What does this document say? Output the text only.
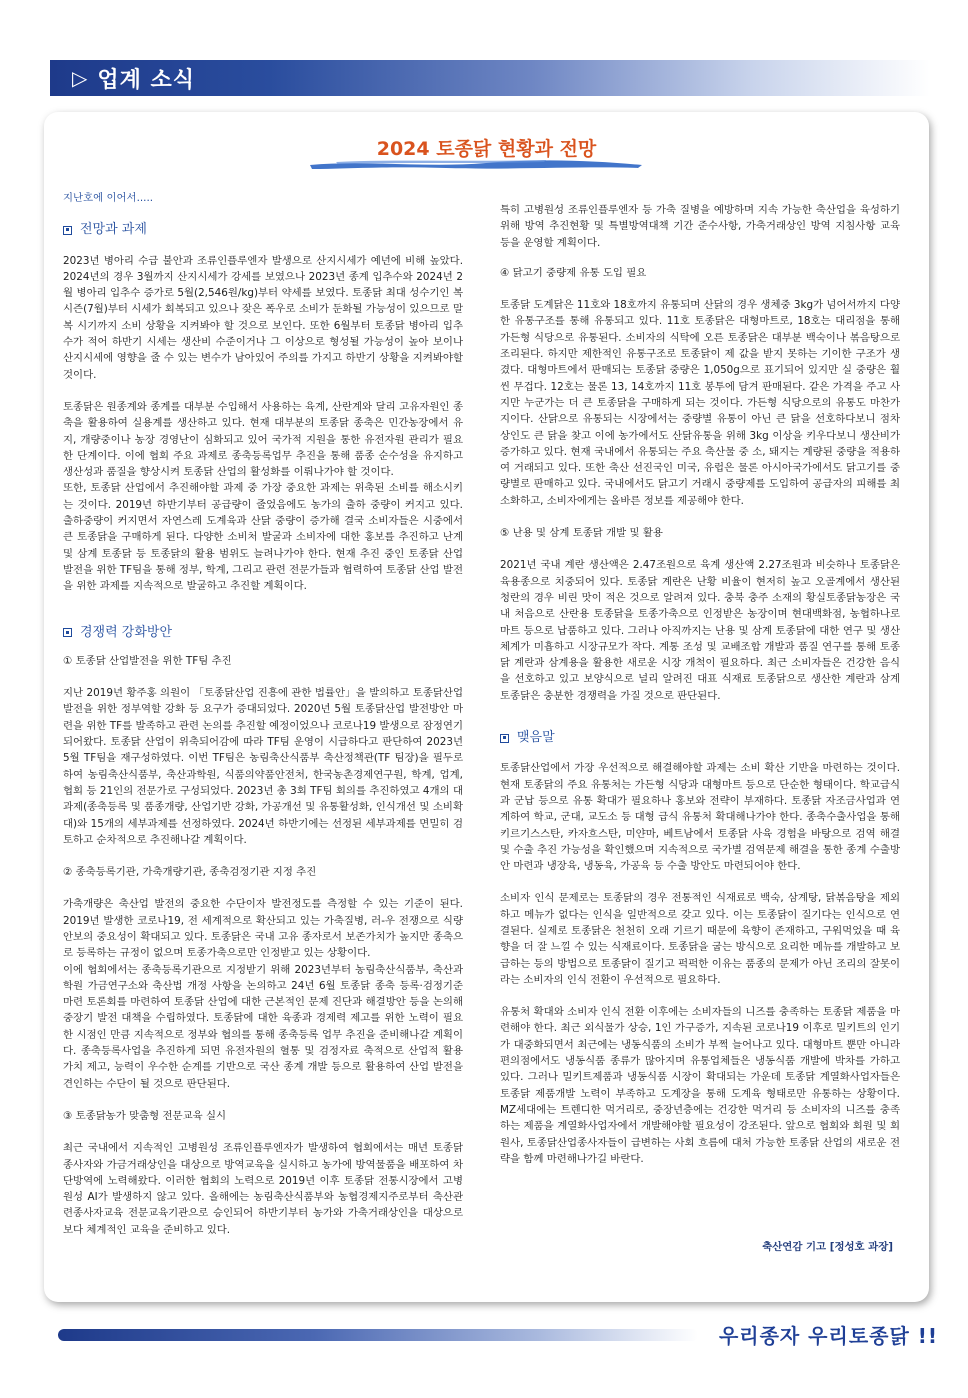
▷ 업계 소식
2024 토종닭 현황과 전망

지난호에 이어서.....

전망과 과제

2023년 병아리 수급 불안과 조류인플루엔자 발생으로 산지시세가 예년에 비해 높았다. 2024년의 경우 3월까지 산지시세가 강세를 보였으나 2023년 종계 입추수와 2024년 2월 병아리 입추수 증가로 5월(2,546원/kg)부터 약세를 보였다. 토종닭 최대 성수기인 복시즌(7월)부터 시세가 회복되고 있으나 잦은 폭우로 소비가 둔화될 가능성이 있으므로 말복 시기까지 소비 상황을 지켜봐야 할 것으로 보인다. 또한 6월부터 토종닭 병아리 입추수가 적어 하반기 시세는 생산비 수준이거나 그 이상으로 형성될 가능성이 높아 보이나 산지시세에 영향을 줄 수 있는 변수가 남아있어 주의를 가지고 하반기 상황을 지켜봐야할 것이다.

토종닭은 원종계와 종계를 대부분 수입해서 사용하는 육계, 산란계와 달리 고유자원인 종축을 활용하여 실용계를 생산하고 있다. 현재 대부분의 토종닭 종축은 민간농장에서 유지, 개량중이나 농장 경영난이 심화되고 있어 국가적 지원을 통한 유전자원 관리가 필요한 단계이다. 이에 협회 주요 과제로 종축등록업무 추진을 통해 품종 순수성을 유지하고 생산성과 품질을 향상시켜 토종닭 산업의 활성화를 이뤄나가야 할 것이다.

또한, 토종닭 산업에서 추진해야할 과제 중 가장 중요한 과제는 위축된 소비를 해소시키는 것이다. 2019년 하반기부터 공급량이 줄었음에도 농가의 출하 중량이 커지고 있다. 출하중량이 커지면서 자연스레 도계육과 산닭 중량이 증가해 결국 소비자들은 시중에서 큰 토종닭을 구매하게 된다. 다양한 소비처 발굴과 소비자에 대한 홍보를 추진하고 난계 및 삼계 토종닭 등 토종닭의 활용 범위도 늘려나가야 한다. 현재 추진 중인 토종닭 산업 발전을 위한 TF팀을 통해 정부, 학계, 그리고 관련 전문가들과 협력하여 토종닭 산업 발전을 위한 과제를 지속적으로 발굴하고 추진할 계획이다.

경쟁력 강화방안

① 토종닭 산업발전을 위한 TF팀 추진

지난 2019년 황주홍 의원이 「토종닭산업 진흥에 관한 법률안」을 발의하고 토종닭산업 발전을 위한 정부역할 강화 등 요구가 증대되었다. 2020년 5월 토종닭산업 발전방안 마련을 위한 TF를 발족하고 관련 논의를 추진할 예정이었으나 코로나19 발생으로 잠정연기되어왔다. 토종닭 산업이 위축되어감에 따라 TF팀 운영이 시급하다고 판단하여 2023년 5월 TF팀을 재구성하였다. 이번 TF팀은 농림축산식품부 축산정책관(TF 팀장)을 필두로 하여 농림축산식품부, 축산과학원, 식품의약품안전처, 한국농촌경제연구원, 학계, 업계, 협회 등 21인의 전문가로 구성되었다. 2023년 총 3회 TF팀 회의를 추진하였고 4개의 대과제(종축등록 및 품종개량, 산업기반 강화, 가공개선 및 유통활성화, 인식개선 및 소비확대)와 15개의 세부과제를 선정하였다. 2024년 하반기에는 선정된 세부과제를 면밀히 검토하고 순차적으로 추진해나갈 계획이다.

② 종축등록기관, 가축개량기관, 종축검정기관 지정 추진

가축개량은 축산업 발전의 중요한 수단이자 발전정도를 측정할 수 있는 기준이 된다. 2019년 발생한 코로나19, 전 세계적으로 확산되고 있는 가축질병, 러-우 전쟁으로 식량안보의 중요성이 확대되고 있다. 토종닭은 국내 고유 종자로서 보존가치가 높지만 종축으로 등록하는 규정이 없으며 토종가축으로만 인정받고 있는 상황이다.

이에 협회에서는 종축등록기관으로 지정받기 위해 2023년부터 농림축산식품부, 축산과학원 가금연구소와 축산법 개정 사항을 논의하고 24년 6월 토종닭 종축 등록·검정기준 마련 토론회를 마련하여 토종닭 산업에 대한 근본적인 문제 진단과 해결방안 등을 논의해 중장기 발전 대책을 수립하였다. 토종닭에 대한 육종과 경제력 제고를 위한 노력이 필요한 시점인 만큼 지속적으로 정부와 협의를 통해 종축등록 업무 추진을 준비해나갈 계획이다. 종축등록사업을 추진하게 되면 유전자원의 혈통 및 검정자료 축적으로 산업적 활용 가치 제고, 능력이 우수한 순계를 기반으로 국산 종계 개발 등으로 활용하여 산업 발전을 견인하는 수단이 될 것으로 판단된다.

③ 토종닭농가 맞춤형 전문교육 실시

최근 국내에서 지속적인 고병원성 조류인플루엔자가 발생하여 협회에서는 매년 토종닭 종사자와 가금거래상인을 대상으로 방역교육을 실시하고 농가에 방역물품을 배포하여 차단방역에 노력해왔다. 이러한 협회의 노력으로 2019년 이후 토종닭 전통시장에서 고병원성 AI가 발생하지 않고 있다. 올해에는 농림축산식품부와 농협경제지주로부터 축산관련종사자교육 전문교육기관으로 승인되어 하반기부터 농가와 가축거래상인을 대상으로 보다 체계적인 교육을 준비하고 있다.

특히 고병원성 조류인플루엔자 등 가축 질병을 예방하며 지속 가능한 축산업을 육성하기 위해 방역 추진현황 및 특별방역대책 기간 준수사항, 가축거래상인 방역 지침사항 교육 등을 운영할 계획이다.

④ 닭고기 중량제 유통 도입 필요

토종닭 도계닭은 11호와 18호까지 유통되며 산닭의 경우 생체중 3kg가 넘어서까지 다양한 유통구조를 통해 유통되고 있다. 11호 토종닭은 대형마트로, 18호는 대리점을 통해 가든형 식당으로 유통된다. 소비자의 식탁에 오른 토종닭은 대부분 백숙이나 볶음탕으로 조리된다. 하지만 제한적인 유통구조로 토종닭이 제 값을 받지 못하는 기이한 구조가 생겼다. 대형마트에서 판매되는 토종닭 중량은 1,050g으로 표기되어 있지만 실 중량은 훨씬 무겁다. 12호는 물론 13, 14호까지 11호 봉투에 담겨 판매된다. 같은 가격을 주고 사지만 누군가는 더 큰 토종닭을 구매하게 되는 것이다. 가든형 식당으로의 유통도 마찬가지이다. 산닭으로 유통되는 시장에서는 중량별 유통이 아닌 큰 닭을 선호하다보니 점차 상인도 큰 닭을 찾고 이에 농가에서도 산닭유통을 위해 3kg 이상을 키우다보니 생산비가 증가하고 있다. 현재 국내에서 유통되는 주요 축산물 중 소, 돼지는 계량된 중량을 적용하여 거래되고 있다. 또한 축산 선진국인 미국, 유럽은 물론 아시아국가에서도 닭고기를 중량별로 판매하고 있다. 국내에서도 닭고기 거래시 중량제를 도입하여 공급자의 피해를 최소화하고, 소비자에게는 올바른 정보를 제공해야 한다.

⑤ 난용 및 삼계 토종닭 개발 및 활용

2021년 국내 계란 생산액은 2.47조원으로 육계 생산액 2.27조원과 비슷하나 토종닭은 육용종으로 치중되어 있다. 토종닭 계란은 난황 비율이 현저히 높고 오골계에서 생산된 청란의 경우 비린 맛이 적은 것으로 알려져 있다. 충북 충주 소재의 황실토종닭농장은 국내 처음으로 산란용 토종닭을 토종가축으로 인정받은 농장이며 현대백화점, 농협하나로마트 등으로 납품하고 있다. 그러나 아직까지는 난용 및 삼계 토종닭에 대한 연구 및 생산체계가 미흡하고 시장규모가 작다. 계통 조성 및 교배조합 개발과 품질 연구를 통해 토종닭 계란과 삼계용을 활용한 새로운 시장 개척이 필요하다. 최근 소비자들은 건강한 음식을 선호하고 있고 보양식으로 널리 알려진 대표 식재료 토종닭으로 생산한 계란과 삼계 토종닭은 충분한 경쟁력을 가질 것으로 판단된다.

맺음말

토종닭산업에서 가장 우선적으로 해결해야할 과제는 소비 확산 기반을 마련하는 것이다. 현재 토종닭의 주요 유통처는 가든형 식당과 대형마트 등으로 단순한 형태이다. 학교급식과 군납 등으로 유통 확대가 필요하나 홍보와 전략이 부재하다. 토종닭 자조금사업과 연계하여 학교, 군대, 교도소 등 대형 급식 유통처 확대해나가야 한다. 종축수출사업을 통해 키르기스스탄, 카자흐스탄, 미얀마, 베트남에서 토종닭 사육 경험을 바탕으로 검역 해결 및 수출 추진 가능성을 확인했으며 지속적으로 국가별 검역문제 해결을 통한 종계 수출방안 마련과 냉장육, 냉동육, 가공육 등 수출 방안도 마련되어야 한다.

소비자 인식 문제로는 토종닭의 경우 전통적인 식재료로 백숙, 삼계탕, 닭볶음탕을 제외하고 메뉴가 없다는 인식을 일반적으로 갖고 있다. 이는 토종닭이 질기다는 인식으로 연결된다. 실제로 토종닭은 천천히 오래 기르기 때문에 육향이 존재하고, 구워먹었을 때 육향을 더 잘 느낄 수 있는 식재료이다. 토종닭을 굽는 방식으로 요리한 메뉴를 개발하고 보급하는 등의 방법으로 토종닭이 질기고 퍽퍽한 이유는 품종의 문제가 아닌 조리의 잘못이라는 소비자의 인식 전환이 우선적으로 필요하다.

유통처 확대와 소비자 인식 전환 이후에는 소비자들의 니즈를 충족하는 토종닭 제품을 마련해야 한다. 최근 외식물가 상승, 1인 가구증가, 지속된 코로나19 이후로 밀키트의 인기가 대중화되면서 최근에는 냉동식품의 소비가 부쩍 늘어나고 있다. 대형마트 뿐만 아니라 편의점에서도 냉동식품 종류가 많아지며 유통업체들은 냉동식품 개발에 박차를 가하고 있다. 그러나 밀키트제품과 냉동식품 시장이 확대되는 가운데 토종닭 계열화사업자들은 토종닭 제품개발 노력이 부족하고 도계장을 통해 도계육 형태로만 유통하는 상황이다. MZ세대에는 트렌디한 먹거리로, 중장년층에는 건강한 먹거리 등 소비자의 니즈를 충족하는 제품을 계열화사업자에서 개발해야할 필요성이 강조된다. 앞으로 협회와 회원 및 회원사, 토종닭산업종사자들이 급변하는 사회 흐름에 대처 가능한 토종닭 산업의 새로운 전략을 함께 마련해나가길 바란다.

축산연감 기고 [정성호 과장]
우리종자 우리토종닭 !!
